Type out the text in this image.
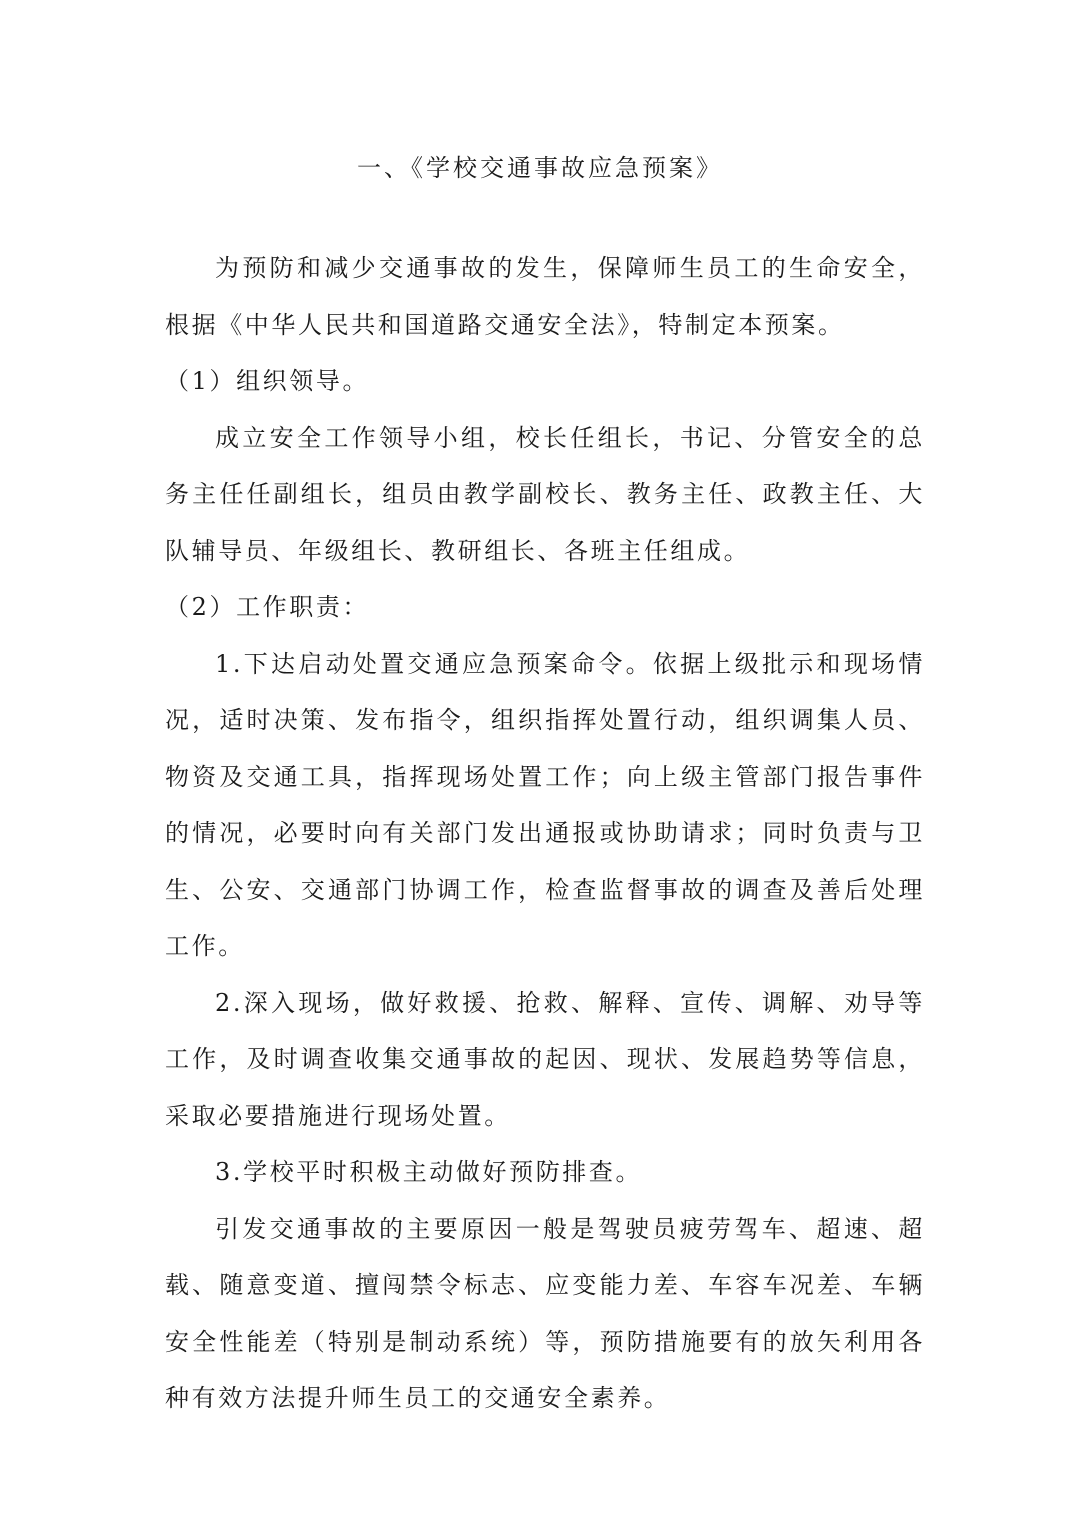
一、《学校交通事故应急预案》

为预防和减少交通事故的发生，保障师生员工的生命安全，根据《中华人民共和国道路交通安全法》，特制定本预案。

（1）组织领导。

成立安全工作领导小组，校长任组长，书记、分管安全的总务主任任副组长，组员由教学副校长、教务主任、政教主任、大队辅导员、年级组长、教研组长、各班主任组成。

（2）工作职责：

1.下达启动处置交通应急预案命令。依据上级批示和现场情况，适时决策、发布指令，组织指挥处置行动，组织调集人员、物资及交通工具，指挥现场处置工作；向上级主管部门报告事件的情况，必要时向有关部门发出通报或协助请求；同时负责与卫生、公安、交通部门协调工作，检查监督事故的调查及善后处理工作。

2.深入现场，做好救援、抢救、解释、宣传、调解、劝导等工作，及时调查收集交通事故的起因、现状、发展趋势等信息，采取必要措施进行现场处置。

3.学校平时积极主动做好预防排查。

引发交通事故的主要原因一般是驾驶员疲劳驾车、超速、超载、随意变道、擅闯禁令标志、应变能力差、车容车况差、车辆安全性能差（特别是制动系统）等，预防措施要有的放矢利用各种有效方法提升师生员工的交通安全素养。
